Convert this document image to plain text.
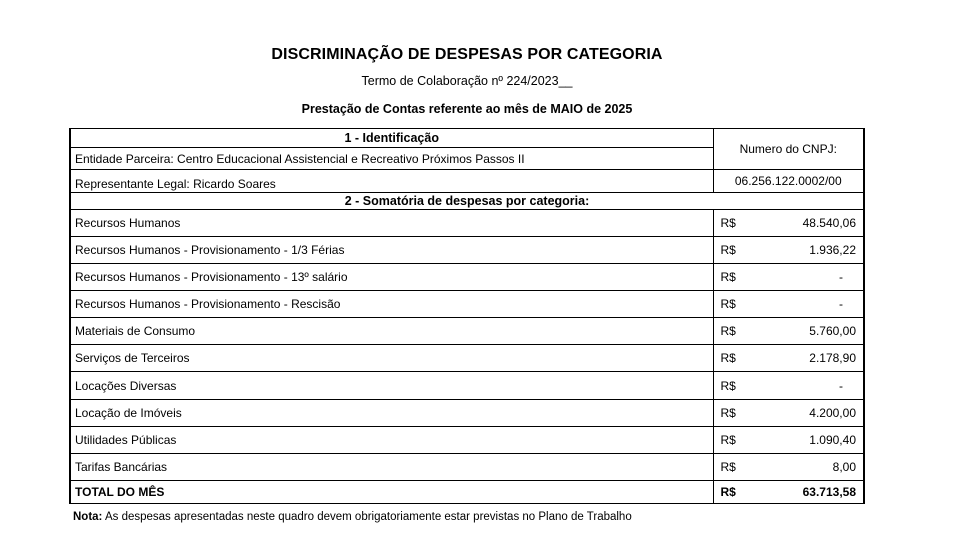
DISCRIMINAÇÃO DE DESPESAS POR CATEGORIA
Termo de Colaboração nº 224/2023__
Prestação de Contas referente ao mês de MAIO de 2025
1 - Identificação	Numero do CNPJ:
Entidade Parceira: Centro Educacional Assistencial e Recreativo Próximos Passos II	
Representante Legal: Ricardo Soares	06.256.122.0002/00
2 - Somatória de despesas por categoria:	
Recursos Humanos	R$ 48.540,06

Recursos Humanos - Provisionamento - 1/3 Férias	R$ 1.936,22

Recursos Humanos - Provisionamento - 13º salário	R$ -

Recursos Humanos - Provisionamento - Rescisão	R$ -

Materiais de Consumo	R$ 5.760,00

Serviços de Terceiros	R$ 2.178,90

Locações Diversas	R$ -

Locação de Imóveis	R$ 4.200,00

Utilidades Públicas	R$ 1.090,40

Tarifas Bancárias	R$ 8,00

TOTAL DO MÊS	R$ 63.713,58
Nota: As despesas apresentadas neste quadro devem obrigatoriamente estar previstas no Plano de Trabalho
